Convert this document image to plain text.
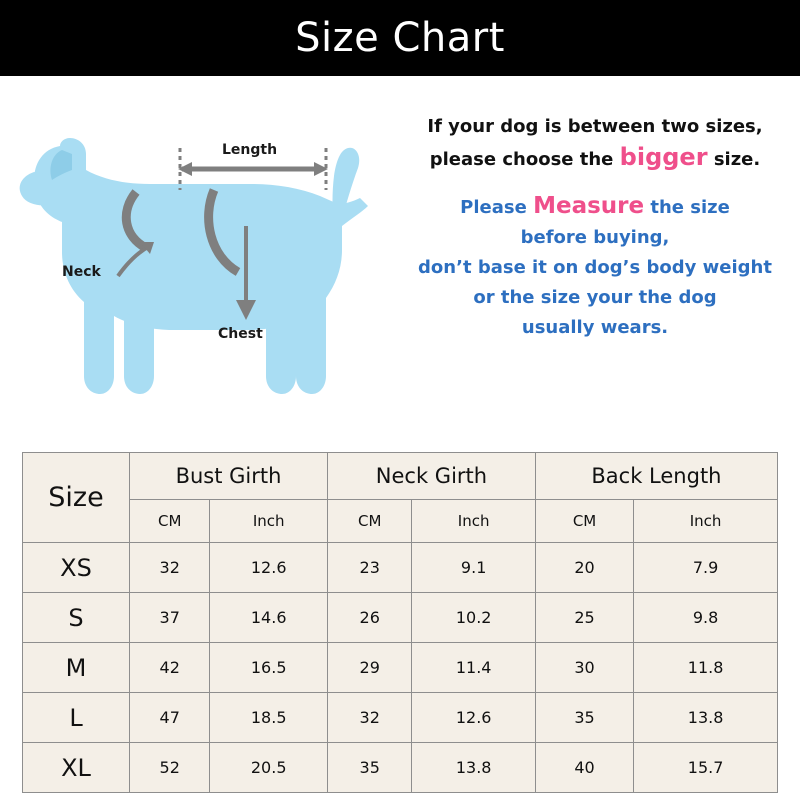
Size Chart
Length
Neck
Chest
If your dog is between two sizes,
please choose the bigger size.
Please Measure the size
before buying,
don’t base it on dog’s body weight
or the size your the dog
usually wears.
Size	Bust Girth		Neck Girth		Back Length	
	CM	Inch	CM	Inch	CM	Inch
XS	32	12.6	23	9.1	20	7.9
S	37	14.6	26	10.2	25	9.8
M	42	16.5	29	11.4	30	11.8
L	47	18.5	32	12.6	35	13.8
XL	52	20.5	35	13.8	40	15.7
